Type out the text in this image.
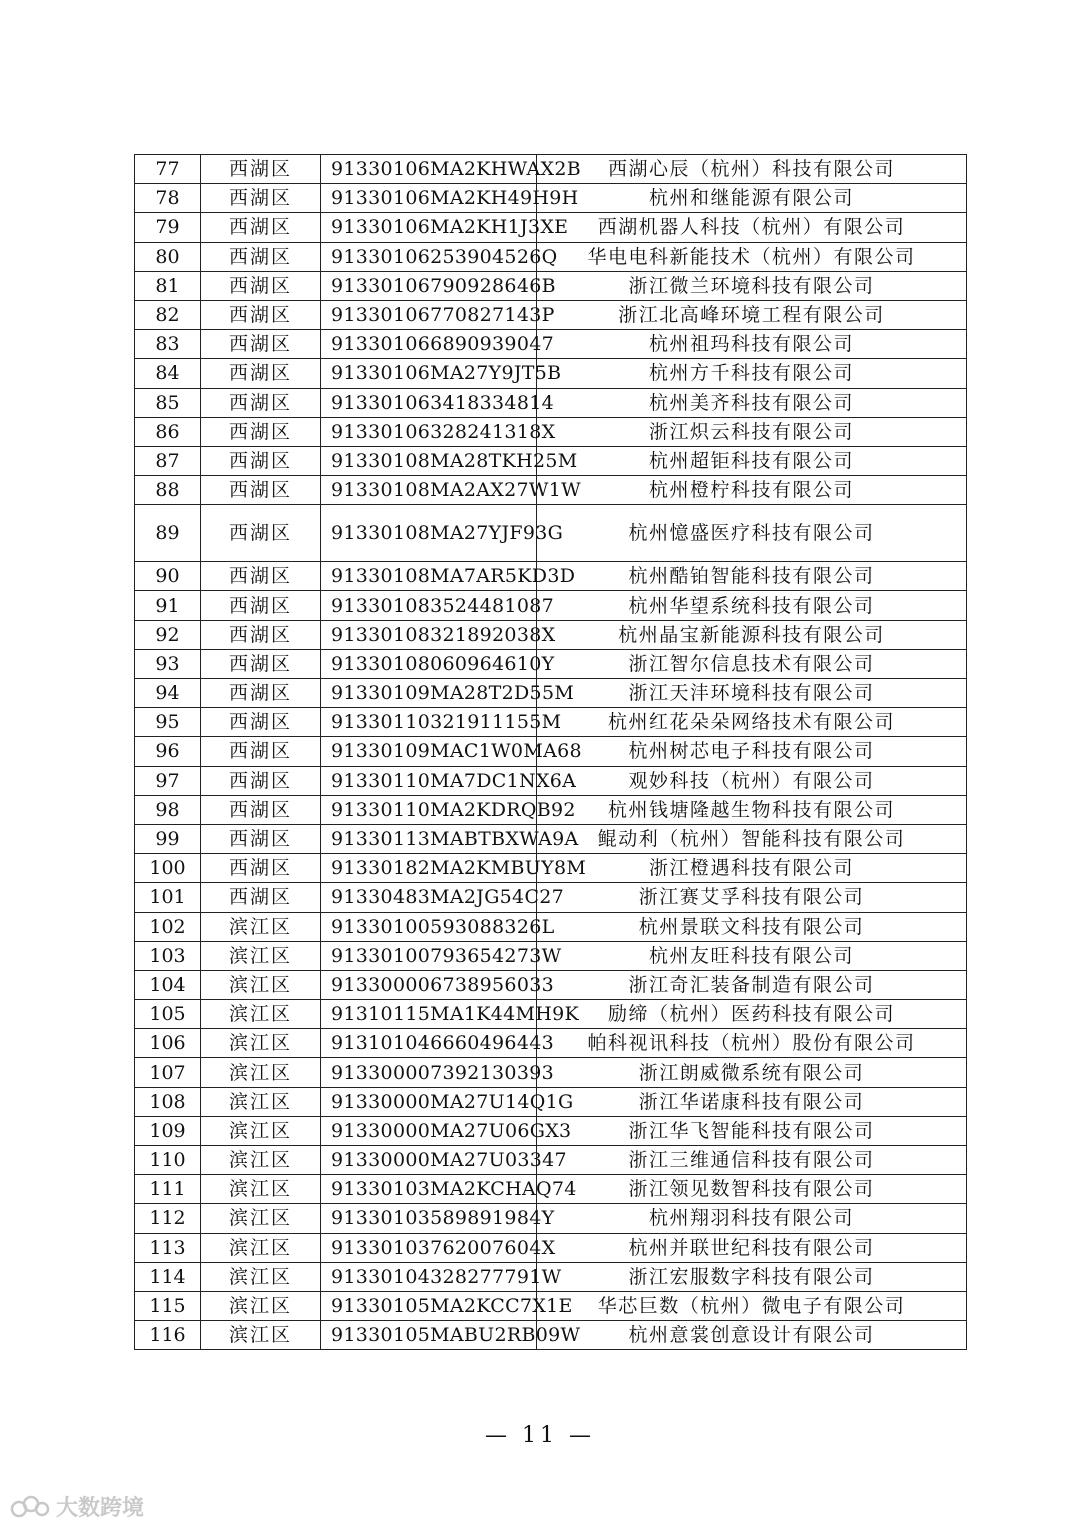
77	西湖区	91330106MA2KHWAX2B	西湖心辰（杭州）科技有限公司
78	西湖区	91330106MA2KH49H9H	杭州和继能源有限公司
79	西湖区	91330106MA2KH1J3XE	西湖机器人科技（杭州）有限公司
80	西湖区	91330106253904526Q	华电电科新能技术（杭州）有限公司
81	西湖区	91330106790928646B	浙江微兰环境科技有限公司
82	西湖区	91330106770827143P	浙江北高峰环境工程有限公司
83	西湖区	913301066890939047	杭州祖玛科技有限公司
84	西湖区	91330106MA27Y9JT5B	杭州方千科技有限公司
85	西湖区	913301063418334814	杭州美齐科技有限公司
86	西湖区	91330106328241318X	浙江炽云科技有限公司
87	西湖区	91330108MA28TKH25M	杭州超钜科技有限公司
88	西湖区	91330108MA2AX27W1W	杭州橙柠科技有限公司
89	西湖区	91330108MA27YJF93G	杭州憶盛医疗科技有限公司
90	西湖区	91330108MA7AR5KD3D	杭州酷铂智能科技有限公司
91	西湖区	913301083524481087	杭州华望系统科技有限公司
92	西湖区	91330108321892038X	杭州晶宝新能源科技有限公司
93	西湖区	91330108060964610Y	浙江智尔信息技术有限公司
94	西湖区	91330109MA28T2D55M	浙江天沣环境科技有限公司
95	西湖区	91330110321911155M	杭州红花朵朵网络技术有限公司
96	西湖区	91330109MAC1W0MA68	杭州树芯电子科技有限公司
97	西湖区	91330110MA7DC1NX6A	观妙科技（杭州）有限公司
98	西湖区	91330110MA2KDRQB92	杭州钱塘隆越生物科技有限公司
99	西湖区	91330113MABTBXWA9A	鲲动利（杭州）智能科技有限公司
100	西湖区	91330182MA2KMBUY8M	浙江橙遇科技有限公司
101	西湖区	91330483MA2JG54C27	浙江赛艾孚科技有限公司
102	滨江区	91330100593088326L	杭州景联文科技有限公司
103	滨江区	91330100793654273W	杭州友旺科技有限公司
104	滨江区	913300006738956033	浙江奇汇装备制造有限公司
105	滨江区	91310115MA1K44MH9K	励缔（杭州）医药科技有限公司
106	滨江区	913101046660496443	帕科视讯科技（杭州）股份有限公司
107	滨江区	913300007392130393	浙江朗威微系统有限公司
108	滨江区	91330000MA27U14Q1G	浙江华诺康科技有限公司
109	滨江区	91330000MA27U06GX3	浙江华飞智能科技有限公司
110	滨江区	91330000MA27U03347	浙江三维通信科技有限公司
111	滨江区	91330103MA2KCHAQ74	浙江领见数智科技有限公司
112	滨江区	91330103589891984Y	杭州翔羽科技有限公司
113	滨江区	91330103762007604X	杭州并联世纪科技有限公司
114	滨江区	91330104328277791W	浙江宏服数字科技有限公司
115	滨江区	91330105MA2KCC7X1E	华芯巨数（杭州）微电子有限公司
116	滨江区	91330105MABU2RB09W	杭州意裳创意设计有限公司
— 11 —
大数跨境
